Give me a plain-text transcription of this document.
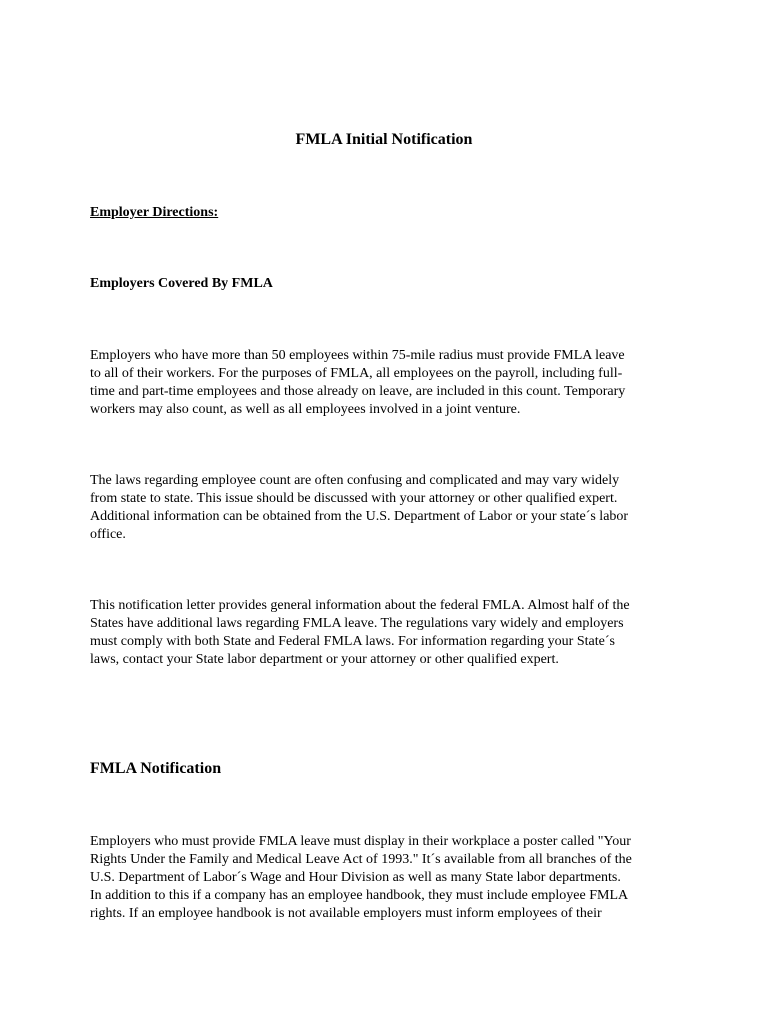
FMLA Initial Notification
Employer Directions:
Employers Covered By FMLA
Employers who have more than 50 employees within 75-mile radius must provide FMLA leave
to all of their workers. For the purposes of FMLA, all employees on the payroll, including full-
time and part-time employees and those already on leave, are included in this count. Temporary
workers may also count, as well as all employees involved in a joint venture.
The laws regarding employee count are often confusing and complicated and may vary widely
from state to state. This issue should be discussed with your attorney or other qualified expert.
Additional information can be obtained from the U.S. Department of Labor or your state´s labor
office.
This notification letter provides general information about the federal FMLA. Almost half of the
States have additional laws regarding FMLA leave. The regulations vary widely and employers
must comply with both State and Federal FMLA laws. For information regarding your State´s
laws, contact your State labor department or your attorney or other qualified expert.
FMLA Notification
Employers who must provide FMLA leave must display in their workplace a poster called "Your
Rights Under the Family and Medical Leave Act of 1993." It´s available from all branches of the
U.S. Department of Labor´s Wage and Hour Division as well as many State labor departments.
In addition to this if a company has an employee handbook, they must include employee FMLA
rights. If an employee handbook is not available employers must inform employees of their
